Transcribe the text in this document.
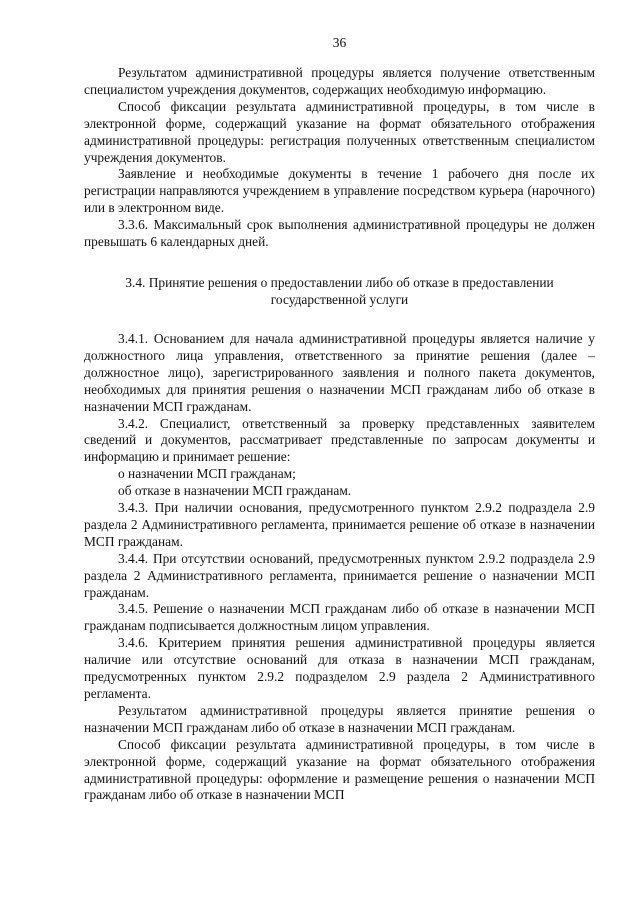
36

Результатом административной процедуры является получение ответственным специалистом учреждения документов, содержащих необходимую информацию.

Способ фиксации результата административной процедуры, в том числе в электронной форме, содержащий указание на формат обязательного отображения административной процедуры: регистрация полученных ответственным специалистом учреждения документов.

Заявление и необходимые документы в течение 1 рабочего дня после их регистрации направляются учреждением в управление посредством курьера (нарочного) или в электронном виде.

3.3.6. Максимальный срок выполнения административной процедуры не должен превышать 6 календарных дней.

3.4. Принятие решения о предоставлении либо об отказе в предоставлении государственной услуги

3.4.1. Основанием для начала административной процедуры является наличие у должностного лица управления, ответственного за принятие решения (далее – должностное лицо), зарегистрированного заявления и полного пакета документов, необходимых для принятия решения о назначении МСП гражданам либо об отказе в назначении МСП гражданам.

3.4.2. Специалист, ответственный за проверку представленных заявителем сведений и документов, рассматривает представленные по запросам документы и информацию и принимает решение:

о назначении МСП гражданам;

об отказе в назначении МСП гражданам.

3.4.3. При наличии основания, предусмотренного пунктом 2.9.2 подраздела 2.9 раздела 2 Административного регламента, принимается решение об отказе в назначении МСП гражданам.

3.4.4. При отсутствии оснований, предусмотренных пунктом 2.9.2 подраздела 2.9 раздела 2 Административного регламента, принимается решение о назначении МСП гражданам.

3.4.5. Решение о назначении МСП гражданам либо об отказе в назначении МСП гражданам подписывается должностным лицом управления.

3.4.6. Критерием принятия решения административной процедуры является наличие или отсутствие оснований для отказа в назначении МСП гражданам, предусмотренных пунктом 2.9.2 подразделом 2.9 раздела 2 Административного регламента.

Результатом административной процедуры является принятие решения о назначении МСП гражданам либо об отказе в назначении МСП гражданам.

Способ фиксации результата административной процедуры, в том числе в электронной форме, содержащий указание на формат обязательного отображения административной процедуры: оформление и размещение решения о назначении МСП гражданам либо об отказе в назначении МСП
